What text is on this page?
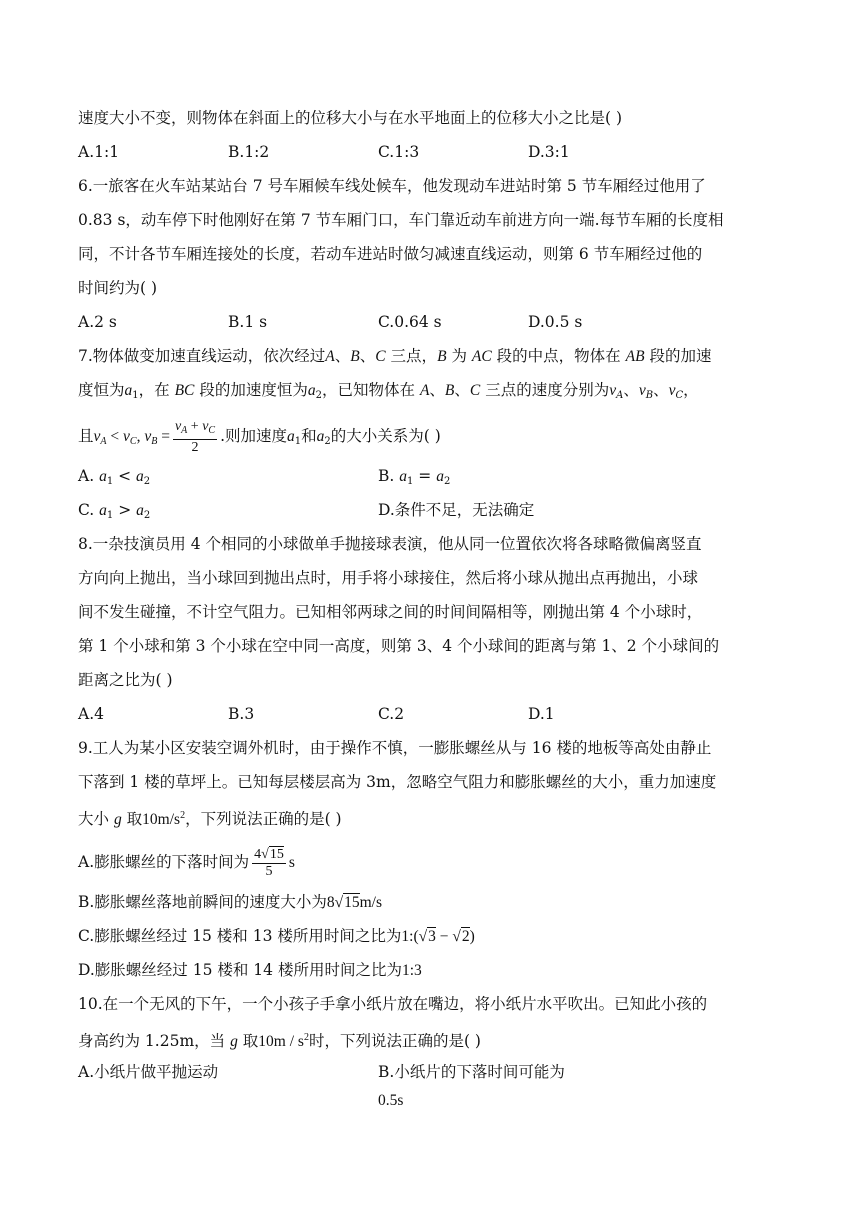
速度大小不变，则物体在斜面上的位移大小与在水平地面上的位移大小之比是( )
A.1:1	B.1:2	C.1:3	D.3:1
6.一旅客在火车站某站台 7 号车厢候车线处候车，他发现动车进站时第 5 节车厢经过他用了
0.83 s，动车停下时他刚好在第 7 节车厢门口，车门靠近动车前进方向一端.每节车厢的长度相
同，不计各节车厢连接处的长度，若动车进站时做匀减速直线运动，则第 6 节车厢经过他的
时间约为( )
A.2 s	B.1 s	C.0.64 s	D.0.5 s
7.物体做变加速直线运动，依次经过A、B、C 三点，B 为 AC 段的中点，物体在 AB 段的加速
度恒为$a_1$，在 BC 段的加速度恒为$a_2$，已知物体在 A、B、C 三点的速度分别为$v_A$、$v_B$、$v_C$，
且$v_A < v_C$, $v_B = \frac{v_A + v_C}{2}$ .则加速度$a_1$和$a_2$的大小关系为( )
A. $a_1 < a_2$	B. $a_1 = a_2$
C. $a_1 > a_2$	D.条件不足，无法确定
8.一杂技演员用 4 个相同的小球做单手抛接球表演，他从同一位置依次将各球略微偏离竖直
方向向上抛出，当小球回到抛出点时，用手将小球接住，然后将小球从抛出点再抛出，小球
间不发生碰撞，不计空气阻力。已知相邻两球之间的时间间隔相等，刚抛出第 4 个小球时，
第 1 个小球和第 3 个小球在空中同一高度，则第 3、4 个小球间的距离与第 1、2 个小球间的
距离之比为( )
A.4	B.3	C.2	D.1
9.工人为某小区安装空调外机时，由于操作不慎，一膨胀螺丝从与 16 楼的地板等高处由静止
下落到 1 楼的草坪上。已知每层楼层高为 3m，忽略空气阻力和膨胀螺丝的大小，重力加速度
大小 g 取$10m/s^2$，下列说法正确的是( )
A.膨胀螺丝的下落时间为 $\frac{4√15}{5}$ s
B.膨胀螺丝落地前瞬间的速度大小为8√15m/s
C.膨胀螺丝经过 15 楼和 13 楼所用时间之比为1:(√3 − √2)
D.膨胀螺丝经过 15 楼和 14 楼所用时间之比为1:3
10.在一个无风的下午，一个小孩子手拿小纸片放在嘴边，将小纸片水平吹出。已知此小孩的
身高约为 1.25m，当 g 取$10m / s^2$时，下列说法正确的是( )
A.小纸片做平抛运动	B.小纸片的下落时间可能为0.5s
